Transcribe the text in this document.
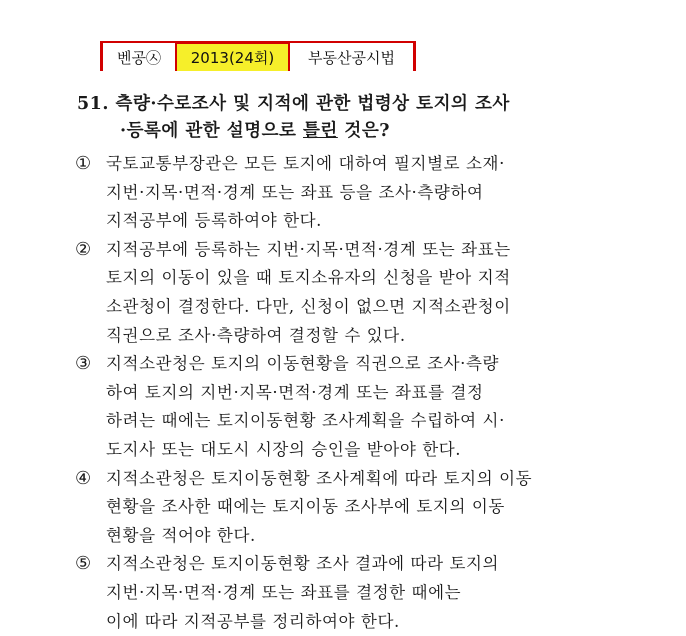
벤공㉦	2013(24회)	부동산공시법
51. 측량·수로조사 및 지적에 관한 법령상 토지의 조사
·등록에 관한 설명으로 틀린 것은?
① 국토교통부장관은 모든 토지에 대하여 필지별로 소재·
지번·지목·면적·경계 또는 좌표 등을 조사·측량하여
지적공부에 등록하여야 한다.
② 지적공부에 등록하는 지번·지목·면적·경계 또는 좌표는
토지의 이동이 있을 때 토지소유자의 신청을 받아 지적
소관청이 결정한다. 다만, 신청이 없으면 지적소관청이
직권으로 조사·측량하여 결정할 수 있다.
③ 지적소관청은 토지의 이동현황을 직권으로 조사·측량
하여 토지의 지번·지목·면적·경계 또는 좌표를 결정
하려는 때에는 토지이동현황 조사계획을 수립하여 시·
도지사 또는 대도시 시장의 승인을 받아야 한다.
④ 지적소관청은 토지이동현황 조사계획에 따라 토지의 이동
현황을 조사한 때에는 토지이동 조사부에 토지의 이동
현황을 적어야 한다.
⑤ 지적소관청은 토지이동현황 조사 결과에 따라 토지의
지번·지목·면적·경계 또는 좌표를 결정한 때에는
이에 따라 지적공부를 정리하여야 한다.
